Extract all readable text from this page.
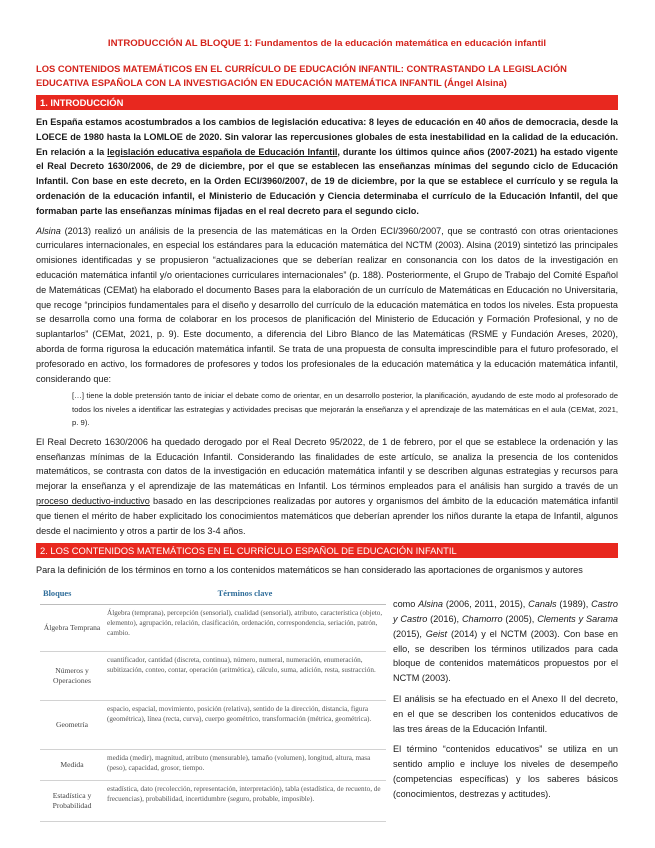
INTRODUCCIÓN AL BLOQUE 1: Fundamentos de la educación matemática en educación infantil
LOS CONTENIDOS MATEMÁTICOS EN EL CURRÍCULO DE EDUCACIÓN INFANTIL: CONTRASTANDO LA LEGISLACIÓN EDUCATIVA ESPAÑOLA CON LA INVESTIGACIÓN EN EDUCACIÓN MATEMÁTICA INFANTIL (Ángel Alsina)
1. INTRODUCCIÓN

En España estamos acostumbrados a los cambios de legislación educativa: 8 leyes de educación en 40 años de democracia, desde la LOECE de 1980 hasta la LOMLOE de 2020. Sin valorar las repercusiones globales de esta inestabilidad en la calidad de la educación. En relación a la legislación educativa española de Educación Infantil, durante los últimos quince años (2007-2021) ha estado vigente el Real Decreto 1630/2006, de 29 de diciembre, por el que se establecen las enseñanzas mínimas del segundo ciclo de Educación Infantil. Con base en este decreto, en la Orden ECI/3960/2007, de 19 de diciembre, por la que se establece el currículo y se regula la ordenación de la educación infantil, el Ministerio de Educación y Ciencia determinaba el currículo de la Educación Infantil, del que formaban parte las enseñanzas mínimas fijadas en el real decreto para el segundo ciclo.

Alsina (2013) realizó un análisis de la presencia de las matemáticas en la Orden ECI/3960/2007, que se contrastó con otras orientaciones curriculares internacionales, en especial los estándares para la educación matemática del NCTM (2003). Alsina (2019) sintetizó las principales omisiones identificadas y se propusieron “actualizaciones que se deberían realizar en consonancia con los datos de la investigación en educación matemática infantil y/o orientaciones curriculares internacionales” (p. 188). Posteriormente, el Grupo de Trabajo del Comité Español de Matemáticas (CEMat) ha elaborado el documento Bases para la elaboración de un currículo de Matemáticas en Educación no Universitaria, que recoge “principios fundamentales para el diseño y desarrollo del currículo de la educación matemática en todos los niveles. Esta propuesta se desarrolla como una forma de colaborar en los procesos de planificación del Ministerio de Educación y Formación Profesional, y no de suplantarlos” (CEMat, 2021, p. 9). Este documento, a diferencia del Libro Blanco de las Matemáticas (RSME y Fundación Areses, 2020), aborda de forma rigurosa la educación matemática infantil. Se trata de una propuesta de consulta imprescindible para el futuro profesorado, el profesorado en activo, los formadores de profesores y todos los profesionales de la educación matemática y la educación matemática infantil, considerando que:

[…] tiene la doble pretensión tanto de iniciar el debate como de orientar, en un desarrollo posterior, la planificación, ayudando de este modo al profesorado de todos los niveles a identificar las estrategias y actividades precisas que mejorarán la enseñanza y el aprendizaje de las matemáticas en el aula (CEMat, 2021, p. 9).

El Real Decreto 1630/2006 ha quedado derogado por el Real Decreto 95/2022, de 1 de febrero, por el que se establece la ordenación y las enseñanzas mínimas de la Educación Infantil. Considerando las finalidades de este artículo, se analiza la presencia de los contenidos matemáticos, se contrasta con datos de la investigación en educación matemática infantil y se describen algunas estrategias y recursos para mejorar la enseñanza y el aprendizaje de las matemáticas en Infantil. Los términos empleados para el análisis han surgido a través de un proceso deductivo-inductivo basado en las descripciones realizadas por autores y organismos del ámbito de la educación matemática infantil que tienen el mérito de haber explicitado los conocimientos matemáticos que deberían aprender los niños durante la etapa de Infantil, algunos desde el nacimiento y otros a partir de los 3-4 años.

2. LOS CONTENIDOS MATEMÁTICOS EN EL CURRÍCULO ESPAÑOL DE EDUCACIÓN INFANTIL

Para la definición de los términos en torno a los contenidos matemáticos se han considerado las aportaciones de organismos y autores

Bloques	Términos clave
Álgebra Temprana	Álgebra (temprana), percepción (sensorial), cualidad (sensorial), atributo, característica (objeto, elemento), agrupación, relación, clasificación, ordenación, correspondencia, seriación, patrón, cambio.
Números y Operaciones	cuantificador, cantidad (discreta, continua), número, numeral, numeración, enumeración, subitización, conteo, contar, operación (aritmética), cálculo, suma, adición, resta, sustracción.
Geometría	espacio, espacial, movimiento, posición (relativa), sentido de la dirección, distancia, figura (geométrica), línea (recta, curva), cuerpo geométrico, transformación (métrica, geométrica).
Medida	medida (medir), magnitud, atributo (mensurable), tamaño (volumen), longitud, altura, masa (peso), capacidad, grosor, tiempo.
Estadística y Probabilidad	estadística, dato (recolección, representación, interpretación), tabla (estadística, de recuento, de frecuencias), probabilidad, incertidumbre (seguro, probable, imposible).

como Alsina (2006, 2011, 2015), Canals (1989), Castro y Castro (2016), Chamorro (2005), Clements y Sarama (2015), Geist (2014) y el NCTM (2003). Con base en ello, se describen los términos utilizados para cada bloque de contenidos matemáticos propuestos por el NCTM (2003).

El análisis se ha efectuado en el Anexo II del decreto, en el que se describen los contenidos educativos de las tres áreas de la Educación Infantil.

El término “contenidos educativos” se utiliza en un sentido amplio e incluye los niveles de desempeño (competencias específicas) y los saberes básicos (conocimientos, destrezas y actitudes).
